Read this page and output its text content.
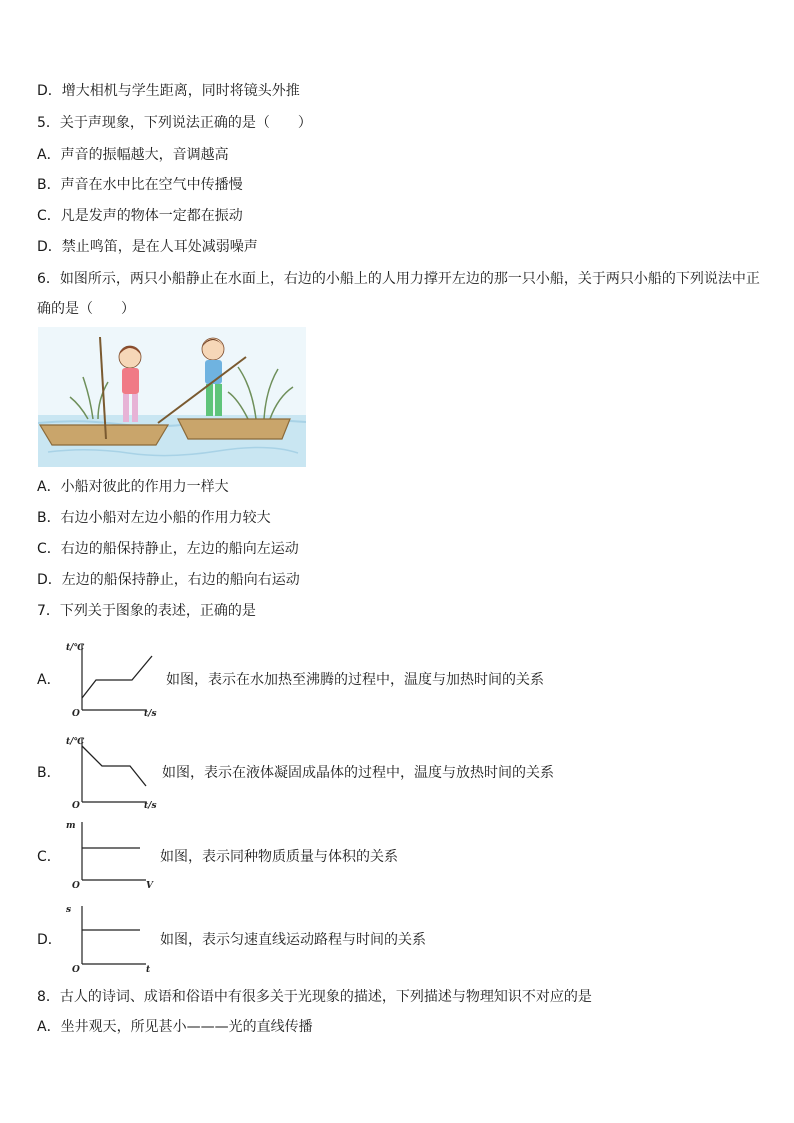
D．增大相机与学生距离，同时将镜头外推
5．关于声现象，下列说法正确的是（　　）
A．声音的振幅越大，音调越高
B．声音在水中比在空气中传播慢
C．凡是发声的物体一定都在振动
D．禁止鸣笛，是在人耳处减弱噪声
6．如图所示，两只小船静止在水面上，右边的小船上的人用力撑开左边的那一只小船，关于两只小船的下列说法中正
确的是（　　）
A．小船对彼此的作用力一样大
B．右边小船对左边小船的作用力较大
C．右边的船保持静止，左边的船向左运动
D．左边的船保持静止，右边的船向右运动
7．下列关于图象的表述，正确的是
A．
t/℃
O	t/s
如图，表示在水加热至沸腾的过程中，温度与加热时间的关系
B．
t/℃
O	t/s
如图，表示在液体凝固成晶体的过程中，温度与放热时间的关系
C．
m
O	V
如图，表示同种物质质量与体积的关系
D．
s
O	t
如图，表示匀速直线运动路程与时间的关系
8．古人的诗词、成语和俗语中有很多关于光现象的描述，下列描述与物理知识不对应的是
A．坐井观天，所见甚小———光的直线传播
